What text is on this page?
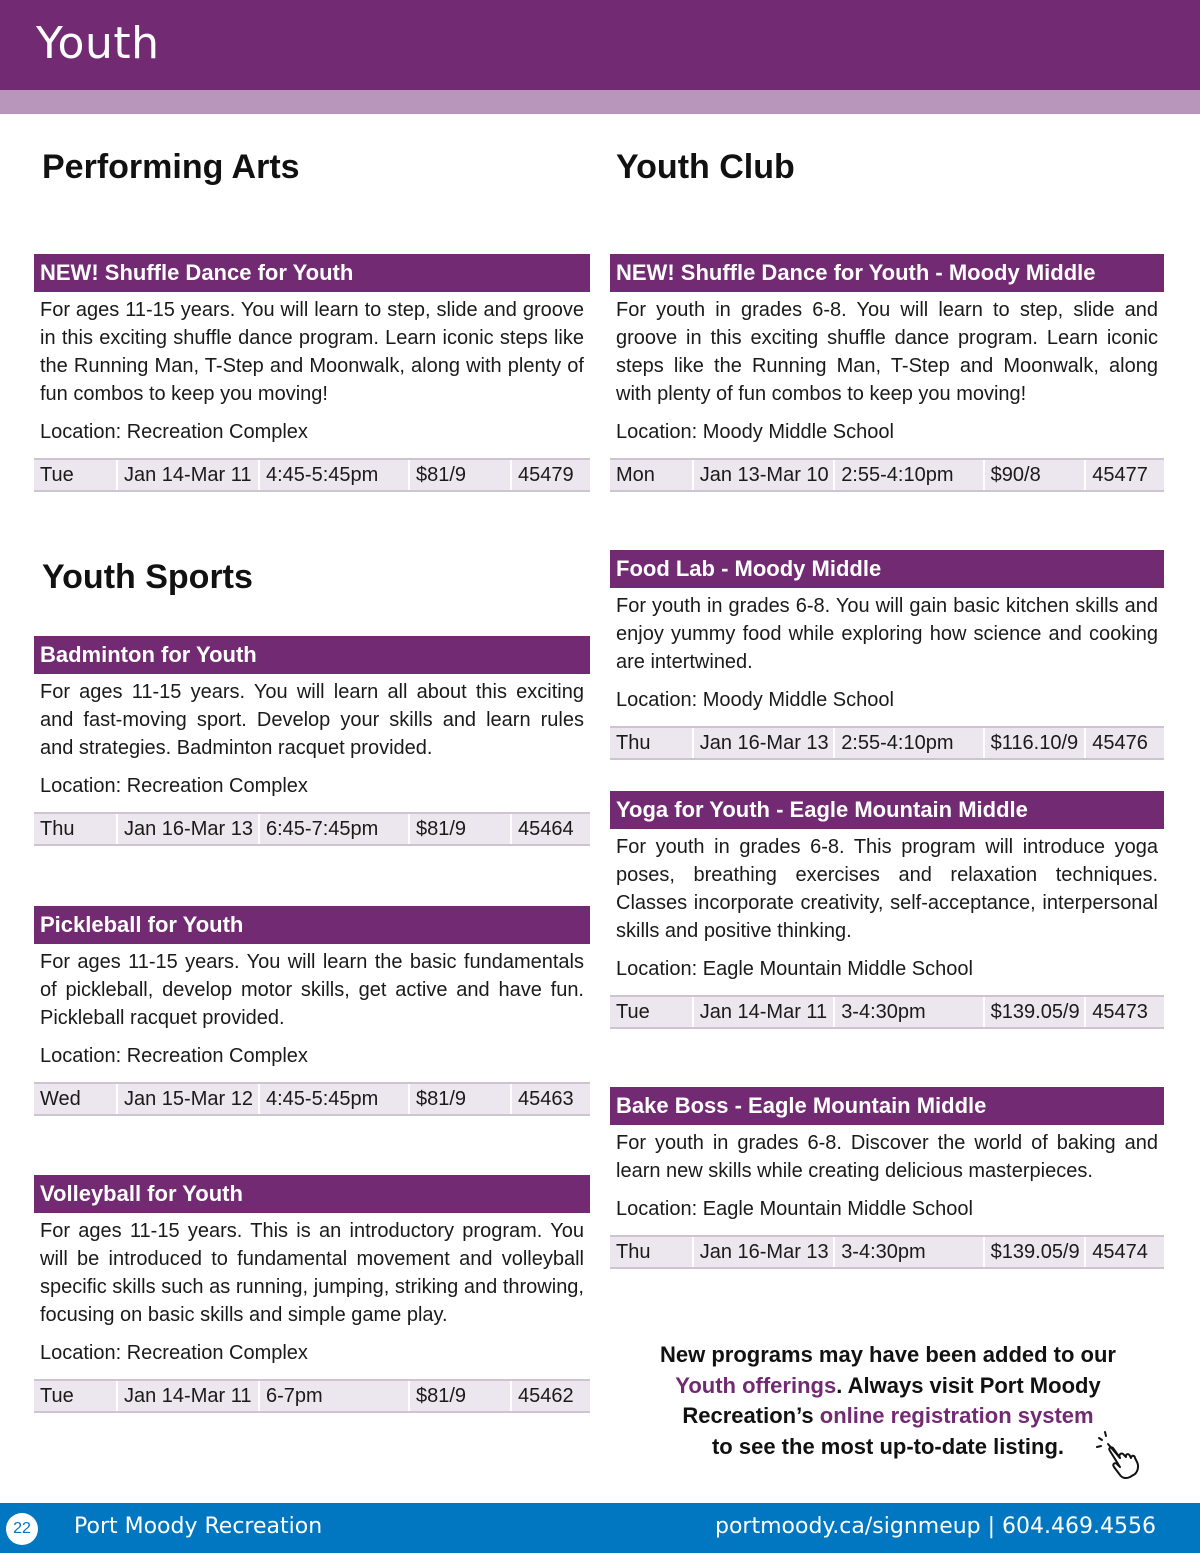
Youth
Performing Arts
Youth Sports
Youth Club
NEW! Shuffle Dance for Youth
For ages 11-15 years. You will learn to step, slide and groove in this exciting shuffle dance program. Learn iconic steps like the Running Man, T-Step and Moonwalk, along with plenty of fun combos to keep you moving!
Location: Recreation Complex
Tue	Jan 14-Mar 11 4:45-5:45pm	$81/9	45479
Badminton for Youth
For ages 11-15 years. You will learn all about this exciting and fast-moving sport. Develop your skills and learn rules and strategies. Badminton racquet provided.
Location: Recreation Complex
Thu	Jan 16-Mar 13 6:45-7:45pm	$81/9	45464
Pickleball for Youth
For ages 11-15 years. You will learn the basic fundamentals of pickleball, develop motor skills, get active and have fun. Pickleball racquet provided.
Location: Recreation Complex
Wed	Jan 15-Mar 12 4:45-5:45pm	$81/9	45463
Volleyball for Youth
For ages 11-15 years. This is an introductory program. You will be introduced to fundamental movement and volleyball specific skills such as running, jumping, striking and throwing, focusing on basic skills and simple game play.
Location: Recreation Complex
Tue	Jan 14-Mar 11 6-7pm	$81/9	45462
NEW! Shuffle Dance for Youth - Moody Middle
For youth in grades 6-8. You will learn to step, slide and groove in this exciting shuffle dance program. Learn iconic steps like the Running Man, T-Step and Moonwalk, along with plenty of fun combos to keep you moving!
Location: Moody Middle School
Mon	Jan 13-Mar 10 2:55-4:10pm	$90/8	45477
Food Lab - Moody Middle
For youth in grades 6-8. You will gain basic kitchen skills and enjoy yummy food while exploring how science and cooking are intertwined.
Location: Moody Middle School
Thu	Jan 16-Mar 13 2:55-4:10pm	$116.10/9 45476
Yoga for Youth - Eagle Mountain Middle
For youth in grades 6-8. This program will introduce yoga poses, breathing exercises and relaxation techniques. Classes incorporate creativity, self-acceptance, interpersonal skills and positive thinking.
Location: Eagle Mountain Middle School
Tue	Jan 14-Mar 11 3-4:30pm	$139.05/9 45473
Bake Boss - Eagle Mountain Middle
For youth in grades 6-8. Discover the world of baking and learn new skills while creating delicious masterpieces.
Location: Eagle Mountain Middle School
Thu	Jan 16-Mar 13 3-4:30pm	$139.05/9 45474
New programs may have been added to our
Youth offerings. Always visit Port Moody
Recreation’s online registration system
to see the most up-to-date listing.
22	Port Moody Recreation	portmoody.ca/signmeup | 604.469.4556
